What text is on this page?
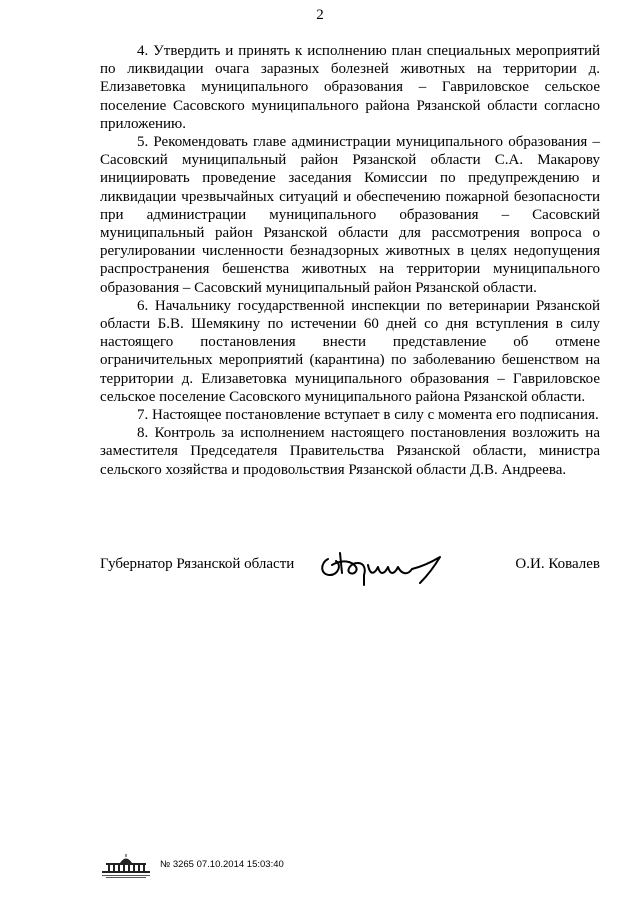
2

4. Утвердить и принять к исполнению план специальных мероприятий по ликвидации очага заразных болезней животных на территории д. Елизаветовка муниципального образования – Гавриловское сельское поселение Сасовского муниципального района Рязанской области согласно приложению.

5. Рекомендовать главе администрации муниципального образования – Сасовский муниципальный район Рязанской области С.А. Макарову инициировать проведение заседания Комиссии по предупреждению и ликвидации чрезвычайных ситуаций и обеспечению пожарной безопасности при администрации муниципального образования – Сасовский муниципальный район Рязанской области для рассмотрения вопроса о регулировании численности безнадзорных животных в целях недопущения распространения бешенства животных на территории муниципального образования – Сасовский муниципальный район Рязанской области.

6. Начальнику государственной инспекции по ветеринарии Рязанской области Б.В. Шемякину по истечении 60 дней со дня вступления в силу настоящего постановления внести представление об отмене ограничительных мероприятий (карантина) по заболеванию бешенством на территории д. Елизаветовка муниципального образования – Гавриловское сельское поселение Сасовского муниципального района Рязанской области.

7. Настоящее постановление вступает в силу с момента его подписания.

8. Контроль за исполнением настоящего постановления возложить на заместителя Председателя Правительства Рязанской области, министра сельского хозяйства и продовольствия Рязанской области Д.В. Андреева.

Губернатор Рязанской области	О.И. Ковалев
№ 3265 07.10.2014 15:03:40
